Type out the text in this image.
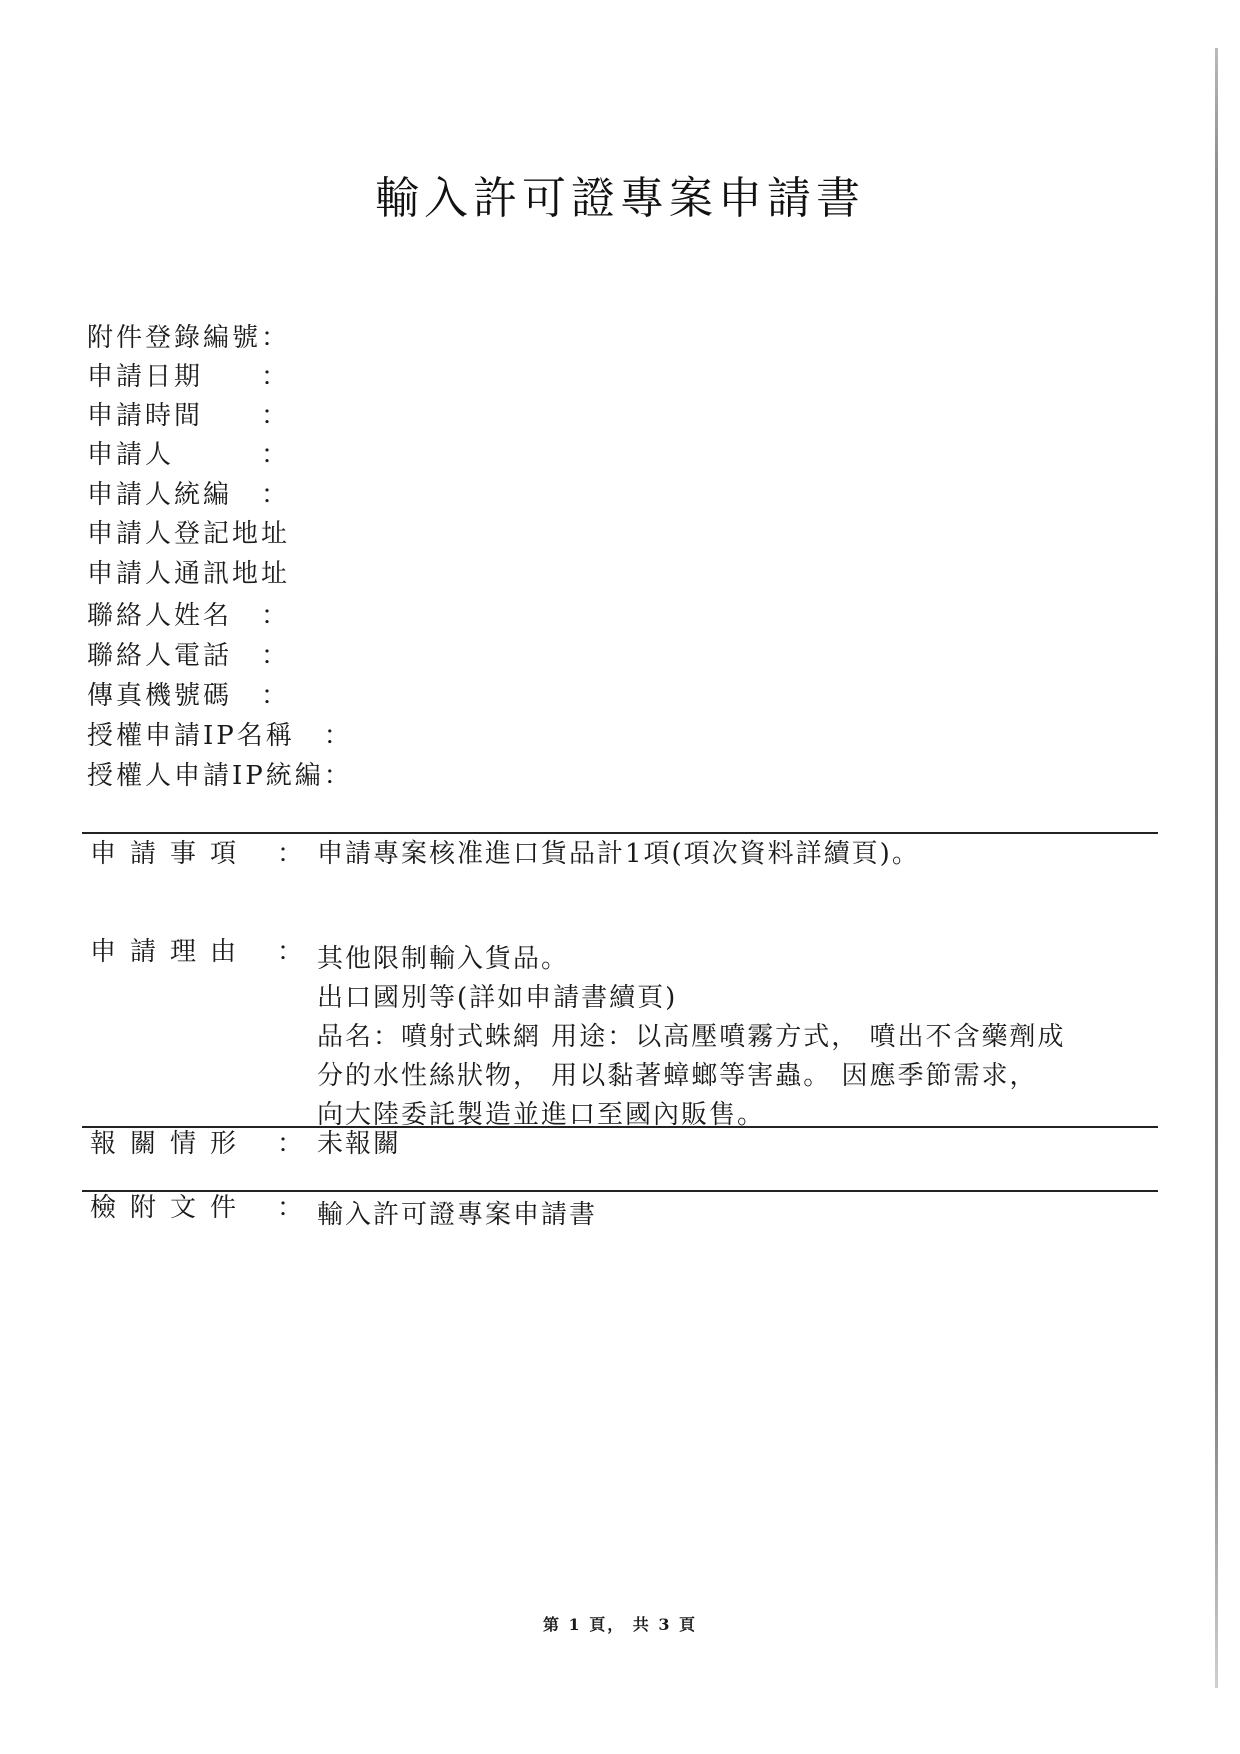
輸入許可證專案申請書
附件登錄編號：
申請日期　　：
申請時間　　：
申請人　　　：
申請人統編　：
申請人登記地址
申請人通訊地址
聯絡人姓名　：
聯絡人電話　：
傳真機號碼　：
授權申請IP名稱　：
授權人申請IP統編：
申請事項 ： 申請專案核准進口貨品計1項(項次資料詳續頁)。
申請理由 ： 其他限制輸入貨品。
出口國別等(詳如申請書續頁)
品名：噴射式蛛網 用途：以高壓噴霧方式， 噴出不含藥劑成
分的水性絲狀物， 用以黏著蟑螂等害蟲。 因應季節需求，
向大陸委託製造並進口至國內販售。
報關情形 ： 未報關
檢附文件 ： 輸入許可證專案申請書
第 1 頁， 共 3 頁
